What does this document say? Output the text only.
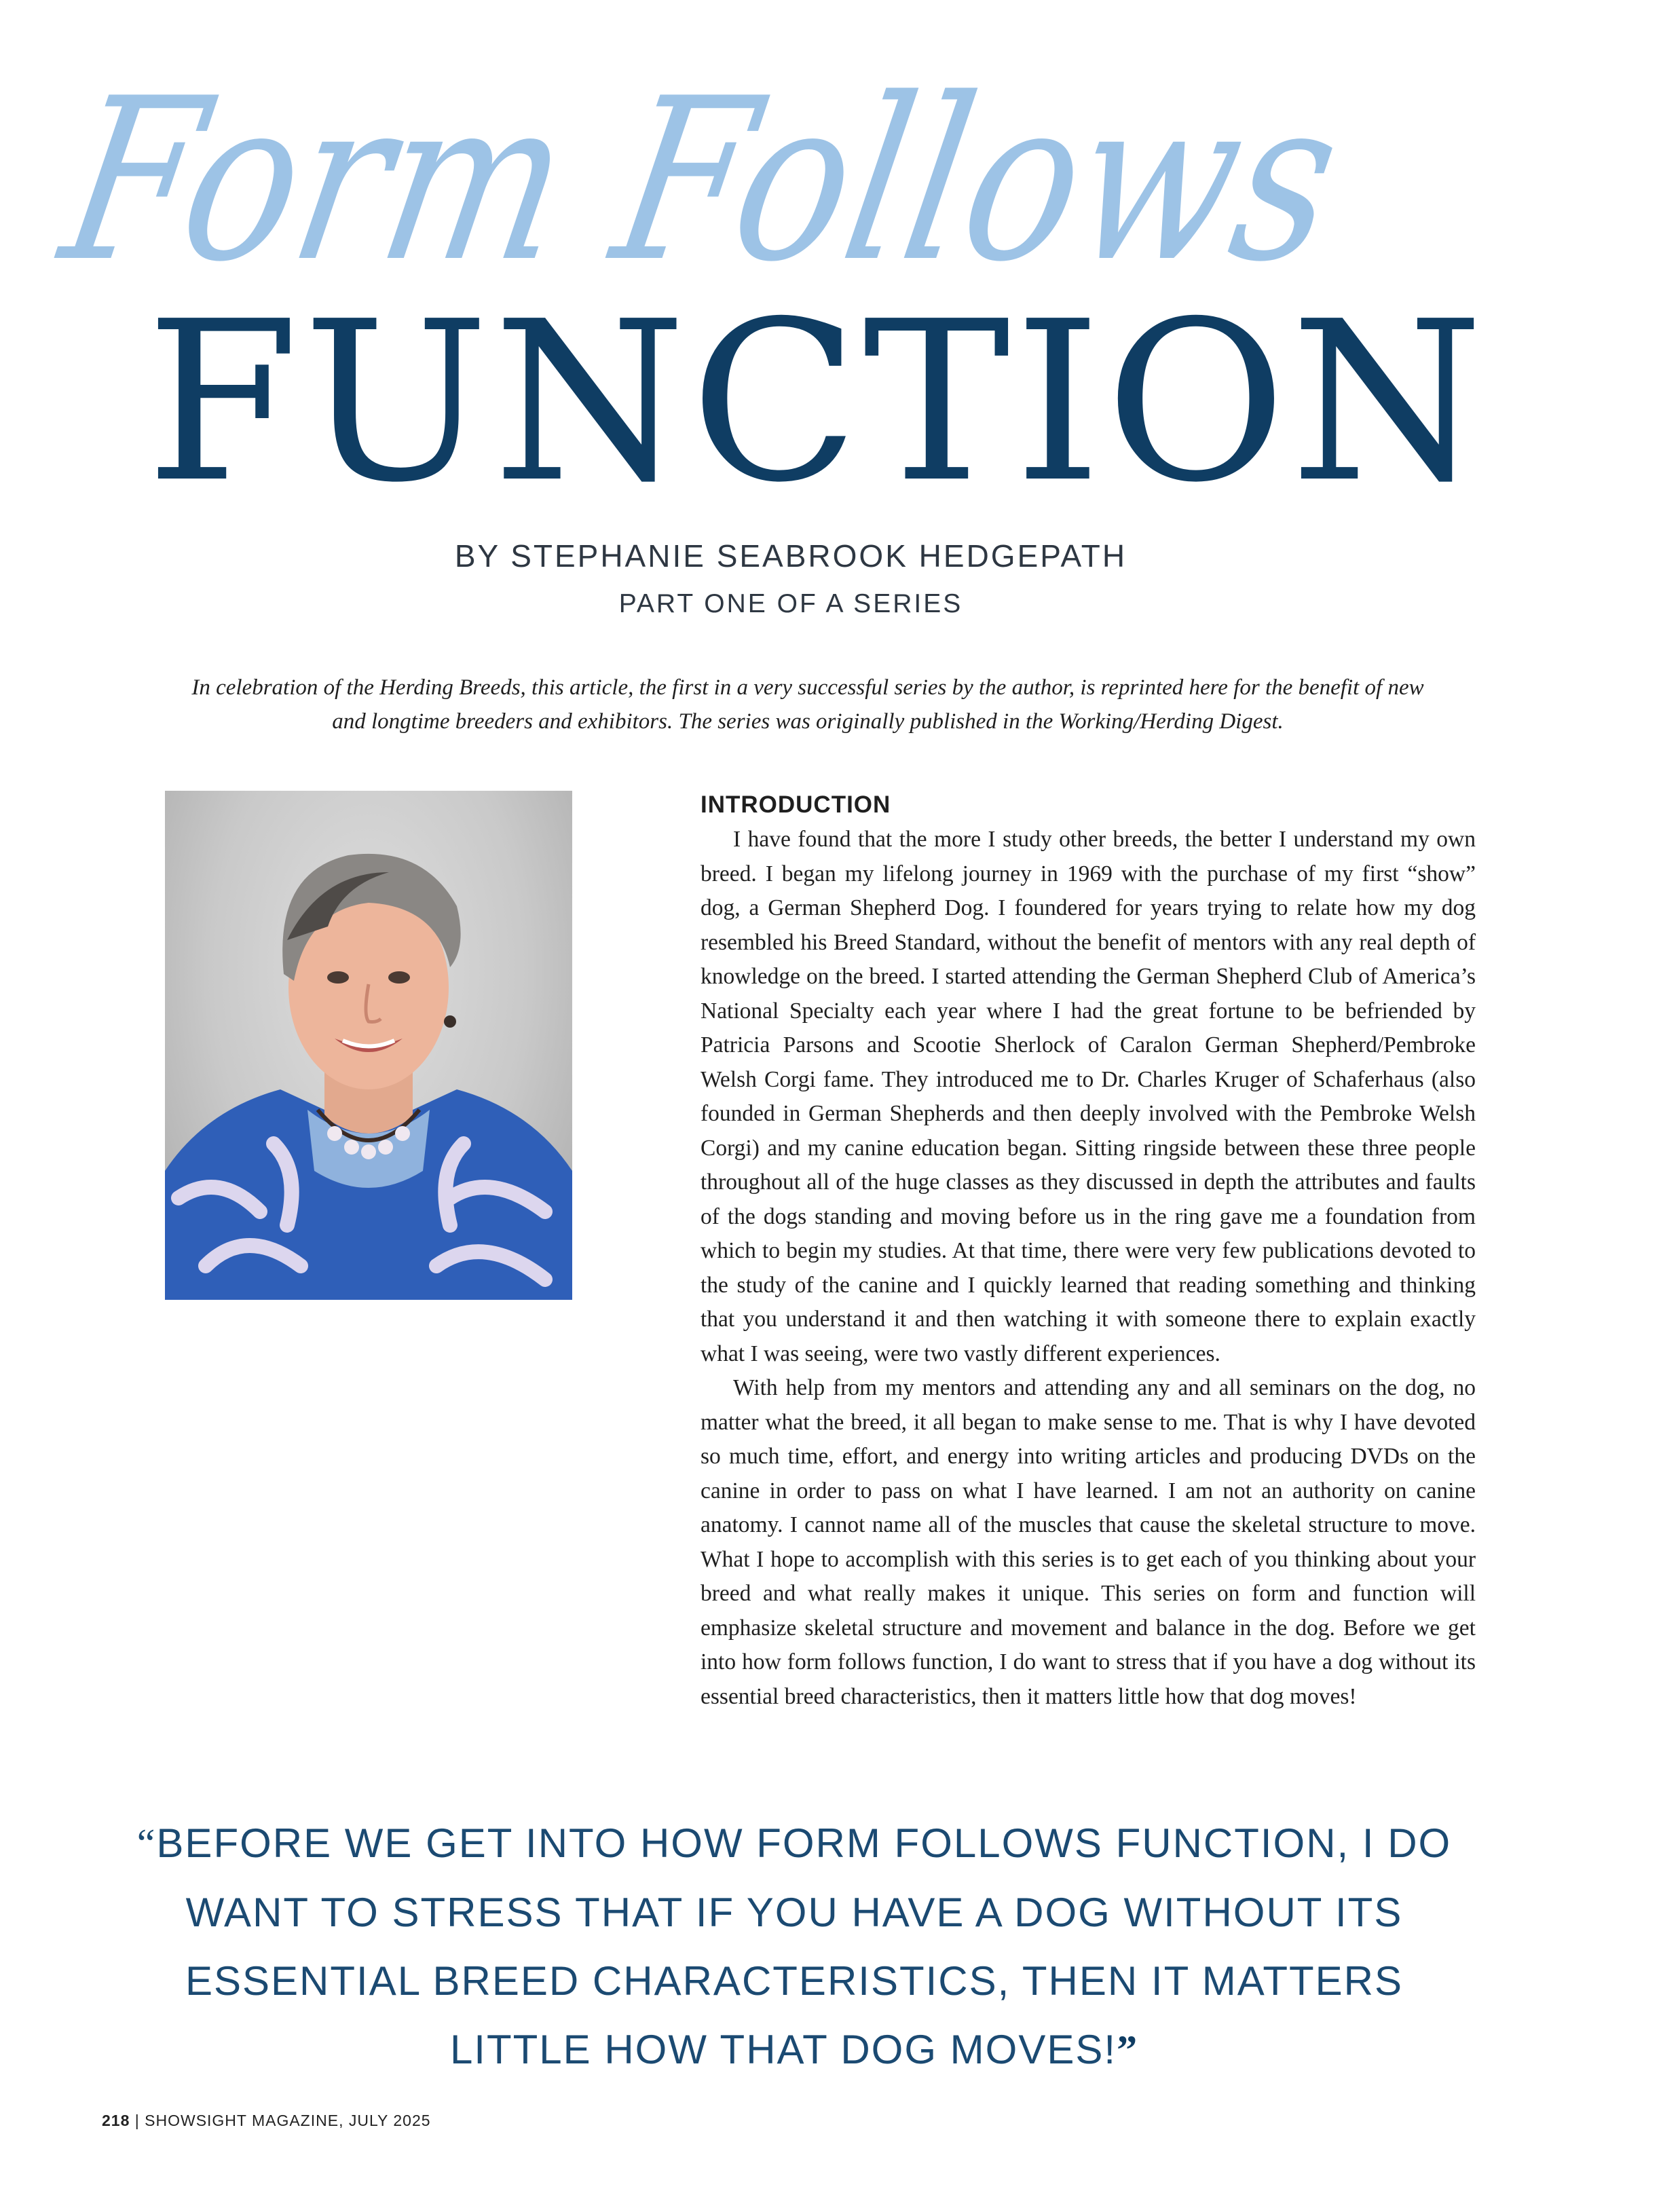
Form Follows
FUNCTION
BY STEPHANIE SEABROOK HEDGEPATH
PART ONE OF A SERIES
In celebration of the Herding Breeds, this article, the first in a very successful series by the author, is reprinted here for the benefit of new and longtime breeders and exhibitors. The series was originally published in the Working/Herding Digest.
INTRODUCTION

I have found that the more I study other breeds, the better I understand my own breed. I began my lifelong journey in 1969 with the purchase of my first “show” dog, a German Shepherd Dog. I foundered for years trying to relate how my dog resembled his Breed Standard, without the benefit of mentors with any real depth of knowledge on the breed. I started attending the German Shepherd Club of America’s National Specialty each year where I had the great fortune to be befriended by Patricia Parsons and Scootie Sherlock of Caralon German Shepherd/Pembroke Welsh Corgi fame. They introduced me to Dr. Charles Kruger of Schaferhaus (also founded in German Shepherds and then deeply involved with the Pembroke Welsh Corgi) and my canine education began. Sitting ringside between these three people throughout all of the huge classes as they discussed in depth the attributes and faults of the dogs standing and moving before us in the ring gave me a foundation from which to begin my studies. At that time, there were very few publications devoted to the study of the canine and I quickly learned that reading something and thinking that you understand it and then watching it with someone there to explain exactly what I was seeing, were two vastly different experiences.

With help from my mentors and attending any and all seminars on the dog, no matter what the breed, it all began to make sense to me. That is why I have devoted so much time, effort, and energy into writing articles and producing DVDs on the canine in order to pass on what I have learned. I am not an authority on canine anatomy. I cannot name all of the muscles that cause the skeletal structure to move. What I hope to accomplish with this series is to get each of you thinking about your breed and what really makes it unique. This series on form and function will emphasize skeletal structure and movement and balance in the dog. Before we get into how form follows function, I do want to stress that if you have a dog without its essential breed characteristics, then it matters little how that dog moves!

“BEFORE WE GET INTO HOW FORM FOLLOWS FUNCTION, I DO WANT TO STRESS THAT IF YOU HAVE A DOG WITHOUT ITS ESSENTIAL BREED CHARACTERISTICS, THEN IT MATTERS LITTLE HOW THAT DOG MOVES!”
218 | SHOWSIGHT MAGAZINE, JULY 2025
